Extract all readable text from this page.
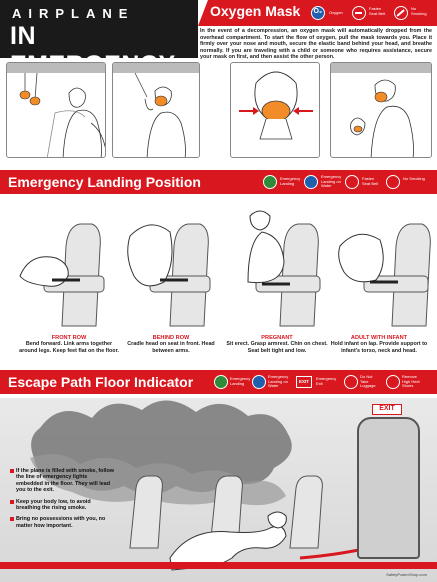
AIRPLANE
IN
Oxygen Mask O₂ Oxygen
Fasten Seat Belt
No Smoking
In the event of a decompression, an oxygen mask will automatically dropped from the overhead compartment. To start the flow of oxygen, pull the mask towards you. Place it firmly over your nose and mouth, secure the elastic band behind your head, and breathe normally. If you are traveling with a child or someone who requires assistance, secure your mask on first, and then assist the other person.
Emergency Landing Position	Emergency Landing
Emergency Landing on Water
Fasten Seat Belt
No Smoking
FRONT ROW
Bend forward. Link arms together around legs. Keep feet flat on the floor.
BEHIND ROW
Cradle head on seat in front. Head between arms.
PREGNANT
Sit erect. Grasp armrest. Chin on chest. Seat belt tight and low.
ADULT WITH INFANT
Hold infant on lap. Provide support to infant's torso, neck and head.
Escape Path Floor Indicator	Emergency Landing
Emergency Landing on Water
EXIT
Emergency Exit
Do Not Take Luggage
Remove High Heel Shoes
EXIT
If the plane is filled with smoke, follow the line of emergency lights embedded in the floor. They will lead you to the exit.
Keep your body low, to avoid breathing the rising smoke.
Bring no possessions with you, no matter how important.
SafetyPosterShop.com
